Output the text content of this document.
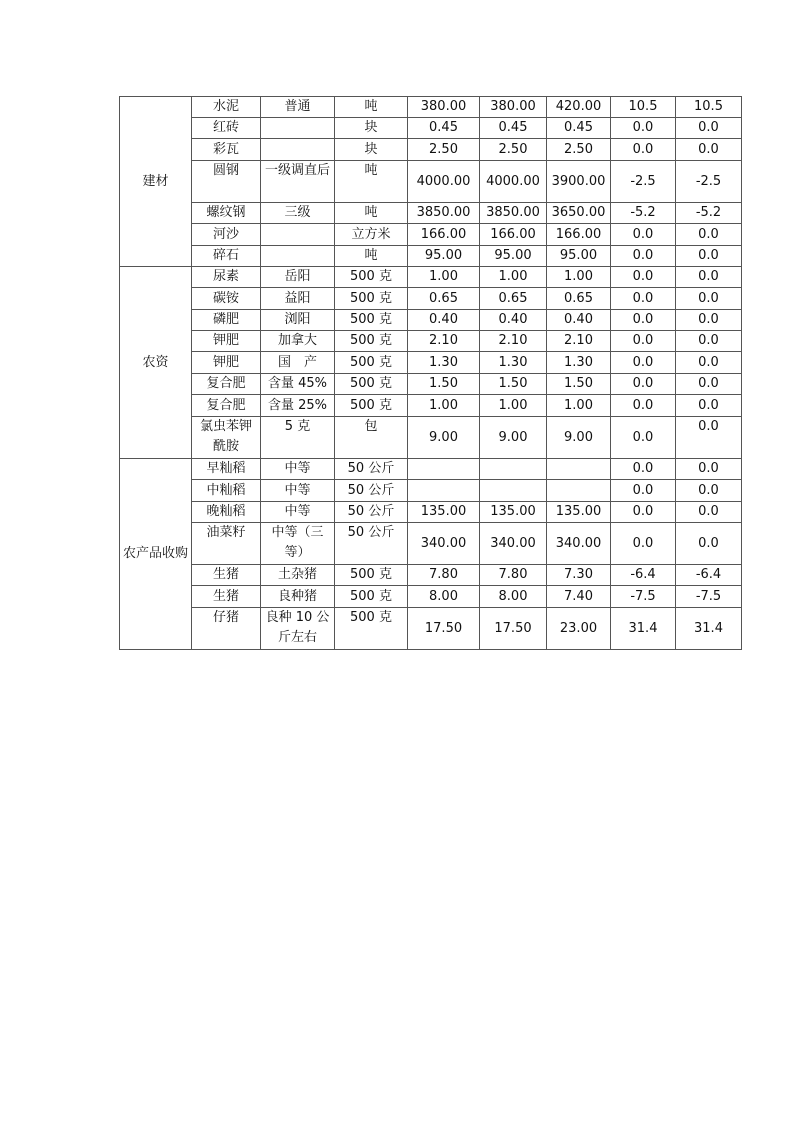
建材	水泥	普通	吨	380.00	380.00	420.00	10.5	10.5
	红砖		块	0.45	0.45	0.45	0.0	0.0
	彩瓦		块	2.50	2.50	2.50	0.0	0.0
	圆钢	一级调直后	吨	4000.00	4000.00	3900.00	-2.5	-2.5
	螺纹钢	三级	吨	3850.00	3850.00	3650.00	-5.2	-5.2
	河沙		立方米	166.00	166.00	166.00	0.0	0.0
	碎石		吨	95.00	95.00	95.00	0.0	0.0
农资	尿素	岳阳	500 克	1.00	1.00	1.00	0.0	0.0
	碳铵	益阳	500 克	0.65	0.65	0.65	0.0	0.0
	磷肥	浏阳	500 克	0.40	0.40	0.40	0.0	0.0
	钾肥	加拿大	500 克	2.10	2.10	2.10	0.0	0.0
	钾肥	国　产	500 克	1.30	1.30	1.30	0.0	0.0
	复合肥	含量 45%	500 克	1.50	1.50	1.50	0.0	0.0
	复合肥	含量 25%	500 克	1.00	1.00	1.00	0.0	0.0
	氯虫苯钾酰胺	5 克	包	9.00	9.00	9.00	0.0	0.0
农产品收购	早籼稻	中等	50 公斤				0.0	0.0
	中籼稻	中等	50 公斤				0.0	0.0
	晚籼稻	中等	50 公斤	135.00	135.00	135.00	0.0	0.0
	油菜籽	中等（三等）	50 公斤	340.00	340.00	340.00	0.0	0.0
	生猪	土杂猪	500 克	7.80	7.80	7.30	-6.4	-6.4
	生猪	良种猪	500 克	8.00	8.00	7.40	-7.5	-7.5
	仔猪	良种 10 公斤左右	500 克	17.50	17.50	23.00	31.4	31.4
